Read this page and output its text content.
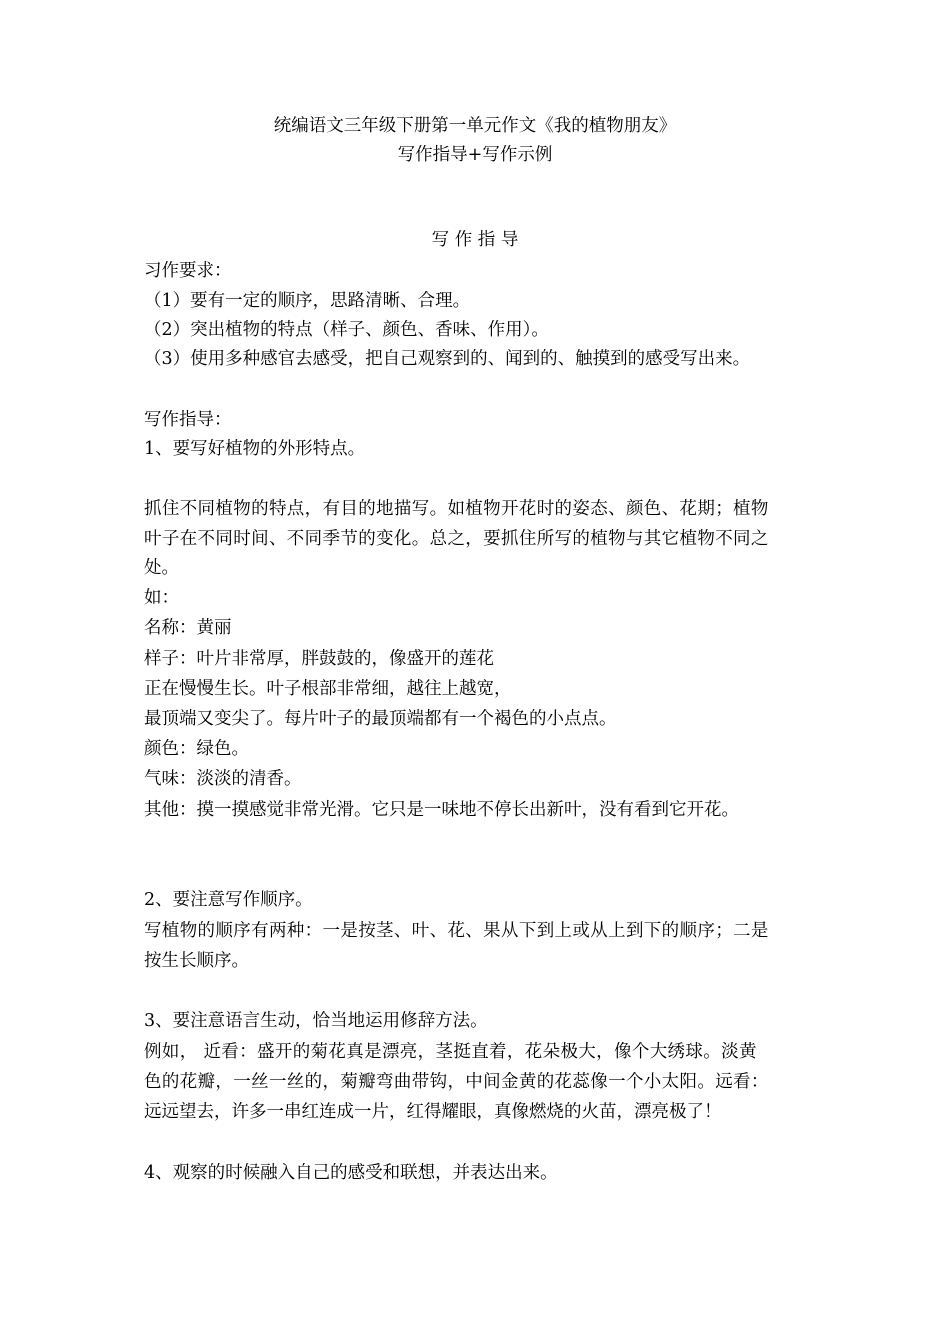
统编语文三年级下册第一单元作文《我的植物朋友》
写作指导+写作示例
写 作 指 导
习作要求：
（1）要有一定的顺序，思路清晰、合理。
（2）突出植物的特点（样子、颜色、香味、作用）。
（3）使用多种感官去感受，把自己观察到的、闻到的、触摸到的感受写出来。
写作指导：
1、要写好植物的外形特点。
抓住不同植物的特点，有目的地描写。如植物开花时的姿态、颜色、花期；植物
叶子在不同时间、不同季节的变化。总之，要抓住所写的植物与其它植物不同之
处。
如：
名称：黄丽
样子：叶片非常厚，胖鼓鼓的，像盛开的莲花
正在慢慢生长。叶子根部非常细，越往上越宽，
最顶端又变尖了。每片叶子的最顶端都有一个褐色的小点点。
颜色：绿色。
气味：淡淡的清香。
其他：摸一摸感觉非常光滑。它只是一味地不停长出新叶，没有看到它开花。
2、要注意写作顺序。
写植物的顺序有两种：一是按茎、叶、花、果从下到上或从上到下的顺序；二是
按生长顺序。
3、要注意语言生动，恰当地运用修辞方法。
例如， 近看：盛开的菊花真是漂亮，茎挺直着，花朵极大，像个大绣球。淡黄
色的花瓣，一丝一丝的，菊瓣弯曲带钩，中间金黄的花蕊像一个小太阳。远看：
远远望去，许多一串红连成一片，红得耀眼，真像燃烧的火苗，漂亮极了！
4、观察的时候融入自己的感受和联想，并表达出来。
